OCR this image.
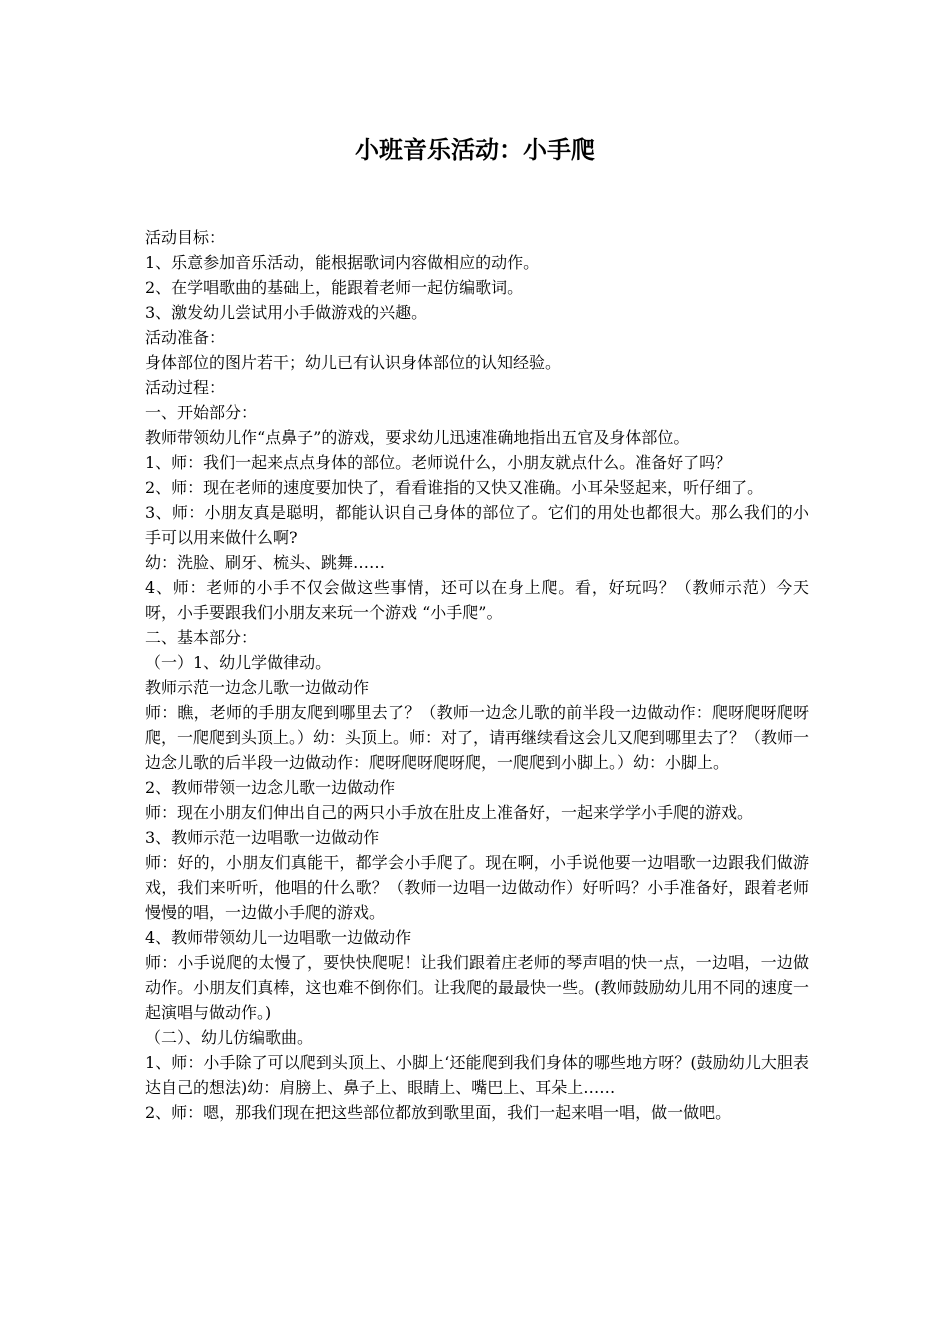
小班音乐活动：小手爬

活动目标：

1、乐意参加音乐活动，能根据歌词内容做相应的动作。

2、在学唱歌曲的基础上，能跟着老师一起仿编歌词。

3、激发幼儿尝试用小手做游戏的兴趣。

活动准备：

身体部位的图片若干；幼儿已有认识身体部位的认知经验。

活动过程：

一、开始部分：

教师带领幼儿作“点鼻子”的游戏，要求幼儿迅速准确地指出五官及身体部位。

1、师：我们一起来点点身体的部位。老师说什么，小朋友就点什么。准备好了吗？

2、师：现在老师的速度要加快了，看看谁指的又快又准确。小耳朵竖起来，听仔细了。

3、师：小朋友真是聪明，都能认识自己身体的部位了。它们的用处也都很大。那么我们的小手可以用来做什么啊?

幼：洗脸、刷牙、梳头、跳舞……

4、师：老师的小手不仅会做这些事情，还可以在身上爬。看，好玩吗？（教师示范）今天呀，小手要跟我们小朋友来玩一个游戏 “小手爬”。

二、基本部分：

（一）1、幼儿学做律动。

教师示范一边念儿歌一边做动作

师：瞧，老师的手朋友爬到哪里去了？（教师一边念儿歌的前半段一边做动作：爬呀爬呀爬呀爬，一爬爬到头顶上。）幼：头顶上。师：对了，请再继续看这会儿又爬到哪里去了？（教师一边念儿歌的后半段一边做动作：爬呀爬呀爬呀爬，一爬爬到小脚上。）幼：小脚上。

2、教师带领一边念儿歌一边做动作

师：现在小朋友们伸出自己的两只小手放在肚皮上准备好，一起来学学小手爬的游戏。

3、教师示范一边唱歌一边做动作

师：好的，小朋友们真能干，都学会小手爬了。现在啊，小手说他要一边唱歌一边跟我们做游戏，我们来听听，他唱的什么歌？（教师一边唱一边做动作）好听吗？小手准备好，跟着老师慢慢的唱，一边做小手爬的游戏。

4、教师带领幼儿一边唱歌一边做动作

师：小手说爬的太慢了，要快快爬呢！让我们跟着庄老师的琴声唱的快一点，一边唱，一边做动作。小朋友们真棒，这也难不倒你们。让我爬的最最快一些。(教师鼓励幼儿用不同的速度一起演唱与做动作。)

（二）、幼儿仿编歌曲。

1、师：小手除了可以爬到头顶上、小脚上‘还能爬到我们身体的哪些地方呀？(鼓励幼儿大胆表达自己的想法)幼：肩膀上、鼻子上、眼睛上、嘴巴上、耳朵上……

2、师：嗯，那我们现在把这些部位都放到歌里面，我们一起来唱一唱，做一做吧。
